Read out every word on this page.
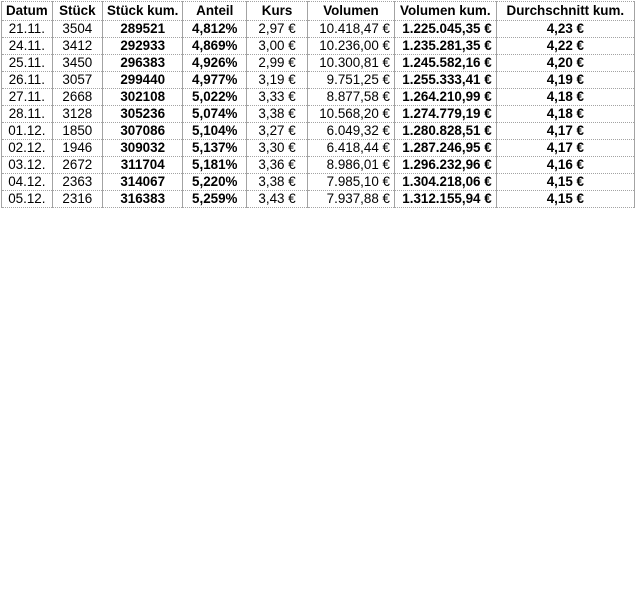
Datum	Stück	Stück kum.	Anteil	Kurs	Volumen	Volumen kum.	Durchschnitt kum.
21.11.	3504	289521	4,812%	2,97 €	10.418,47 €	1.225.045,35 €	4,23 €
24.11.	3412	292933	4,869%	3,00 €	10.236,00 €	1.235.281,35 €	4,22 €
25.11.	3450	296383	4,926%	2,99 €	10.300,81 €	1.245.582,16 €	4,20 €
26.11.	3057	299440	4,977%	3,19 €	9.751,25 €	1.255.333,41 €	4,19 €
27.11.	2668	302108	5,022%	3,33 €	8.877,58 €	1.264.210,99 €	4,18 €
28.11.	3128	305236	5,074%	3,38 €	10.568,20 €	1.274.779,19 €	4,18 €
01.12.	1850	307086	5,104%	3,27 €	6.049,32 €	1.280.828,51 €	4,17 €
02.12.	1946	309032	5,137%	3,30 €	6.418,44 €	1.287.246,95 €	4,17 €
03.12.	2672	311704	5,181%	3,36 €	8.986,01 €	1.296.232,96 €	4,16 €
04.12.	2363	314067	5,220%	3,38 €	7.985,10 €	1.304.218,06 €	4,15 €
05.12.	2316	316383	5,259%	3,43 €	7.937,88 €	1.312.155,94 €	4,15 €
